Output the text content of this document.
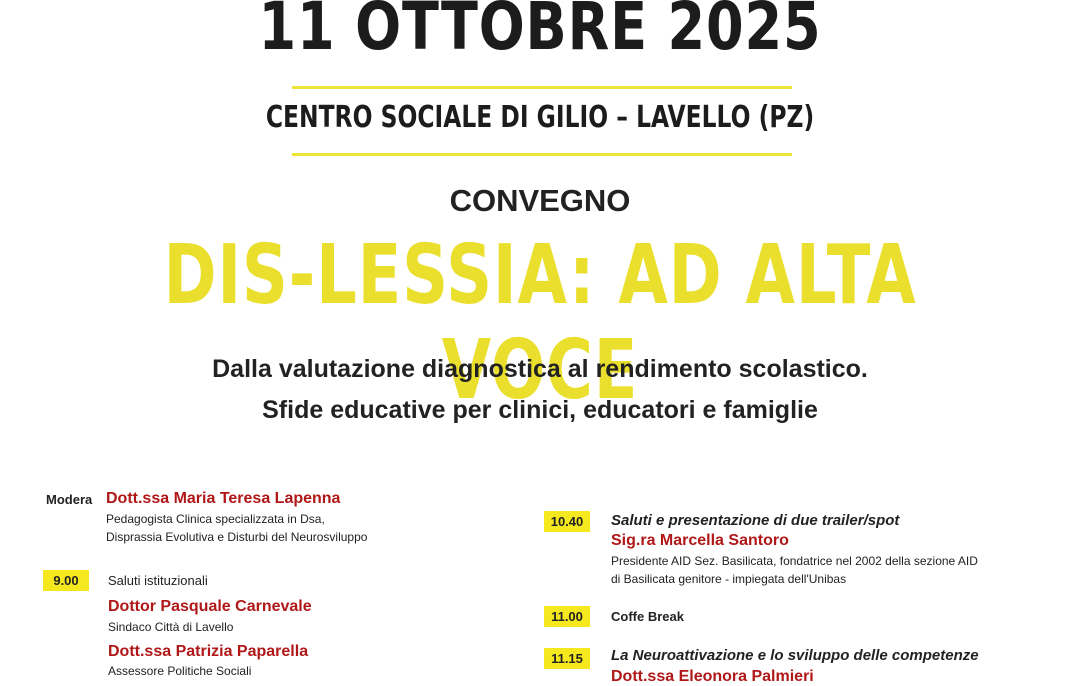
11 OTTOBRE 2025
CENTRO SOCIALE DI GILIO – LAVELLO (PZ)
CONVEGNO
DIS-LESSIA: AD ALTA VOCE
Dalla valutazione diagnostica al rendimento scolastico.
Sfide educative per clinici, educatori e famiglie
Modera Dott.ssa Maria Teresa Lapenna
Pedagogista Clinica specializzata in Dsa,
Disprassia Evolutiva e Disturbi del Neurosviluppo
9.00	Saluti istituzionali
Dottor Pasquale Carnevale
Sindaco Città di Lavello
Dott.ssa Patrizia Paparella
Assessore Politiche Sociali
10.40	Saluti e presentazione di due trailer/spot
Sig.ra Marcella Santoro
Presidente AID Sez. Basilicata, fondatrice nel 2002 della sezione AID
di Basilicata genitore - impiegata dell'Unibas
11.00	Coffe Break
11.15	La Neuroattivazione e lo sviluppo delle competenze
Dott.ssa Eleonora Palmieri
